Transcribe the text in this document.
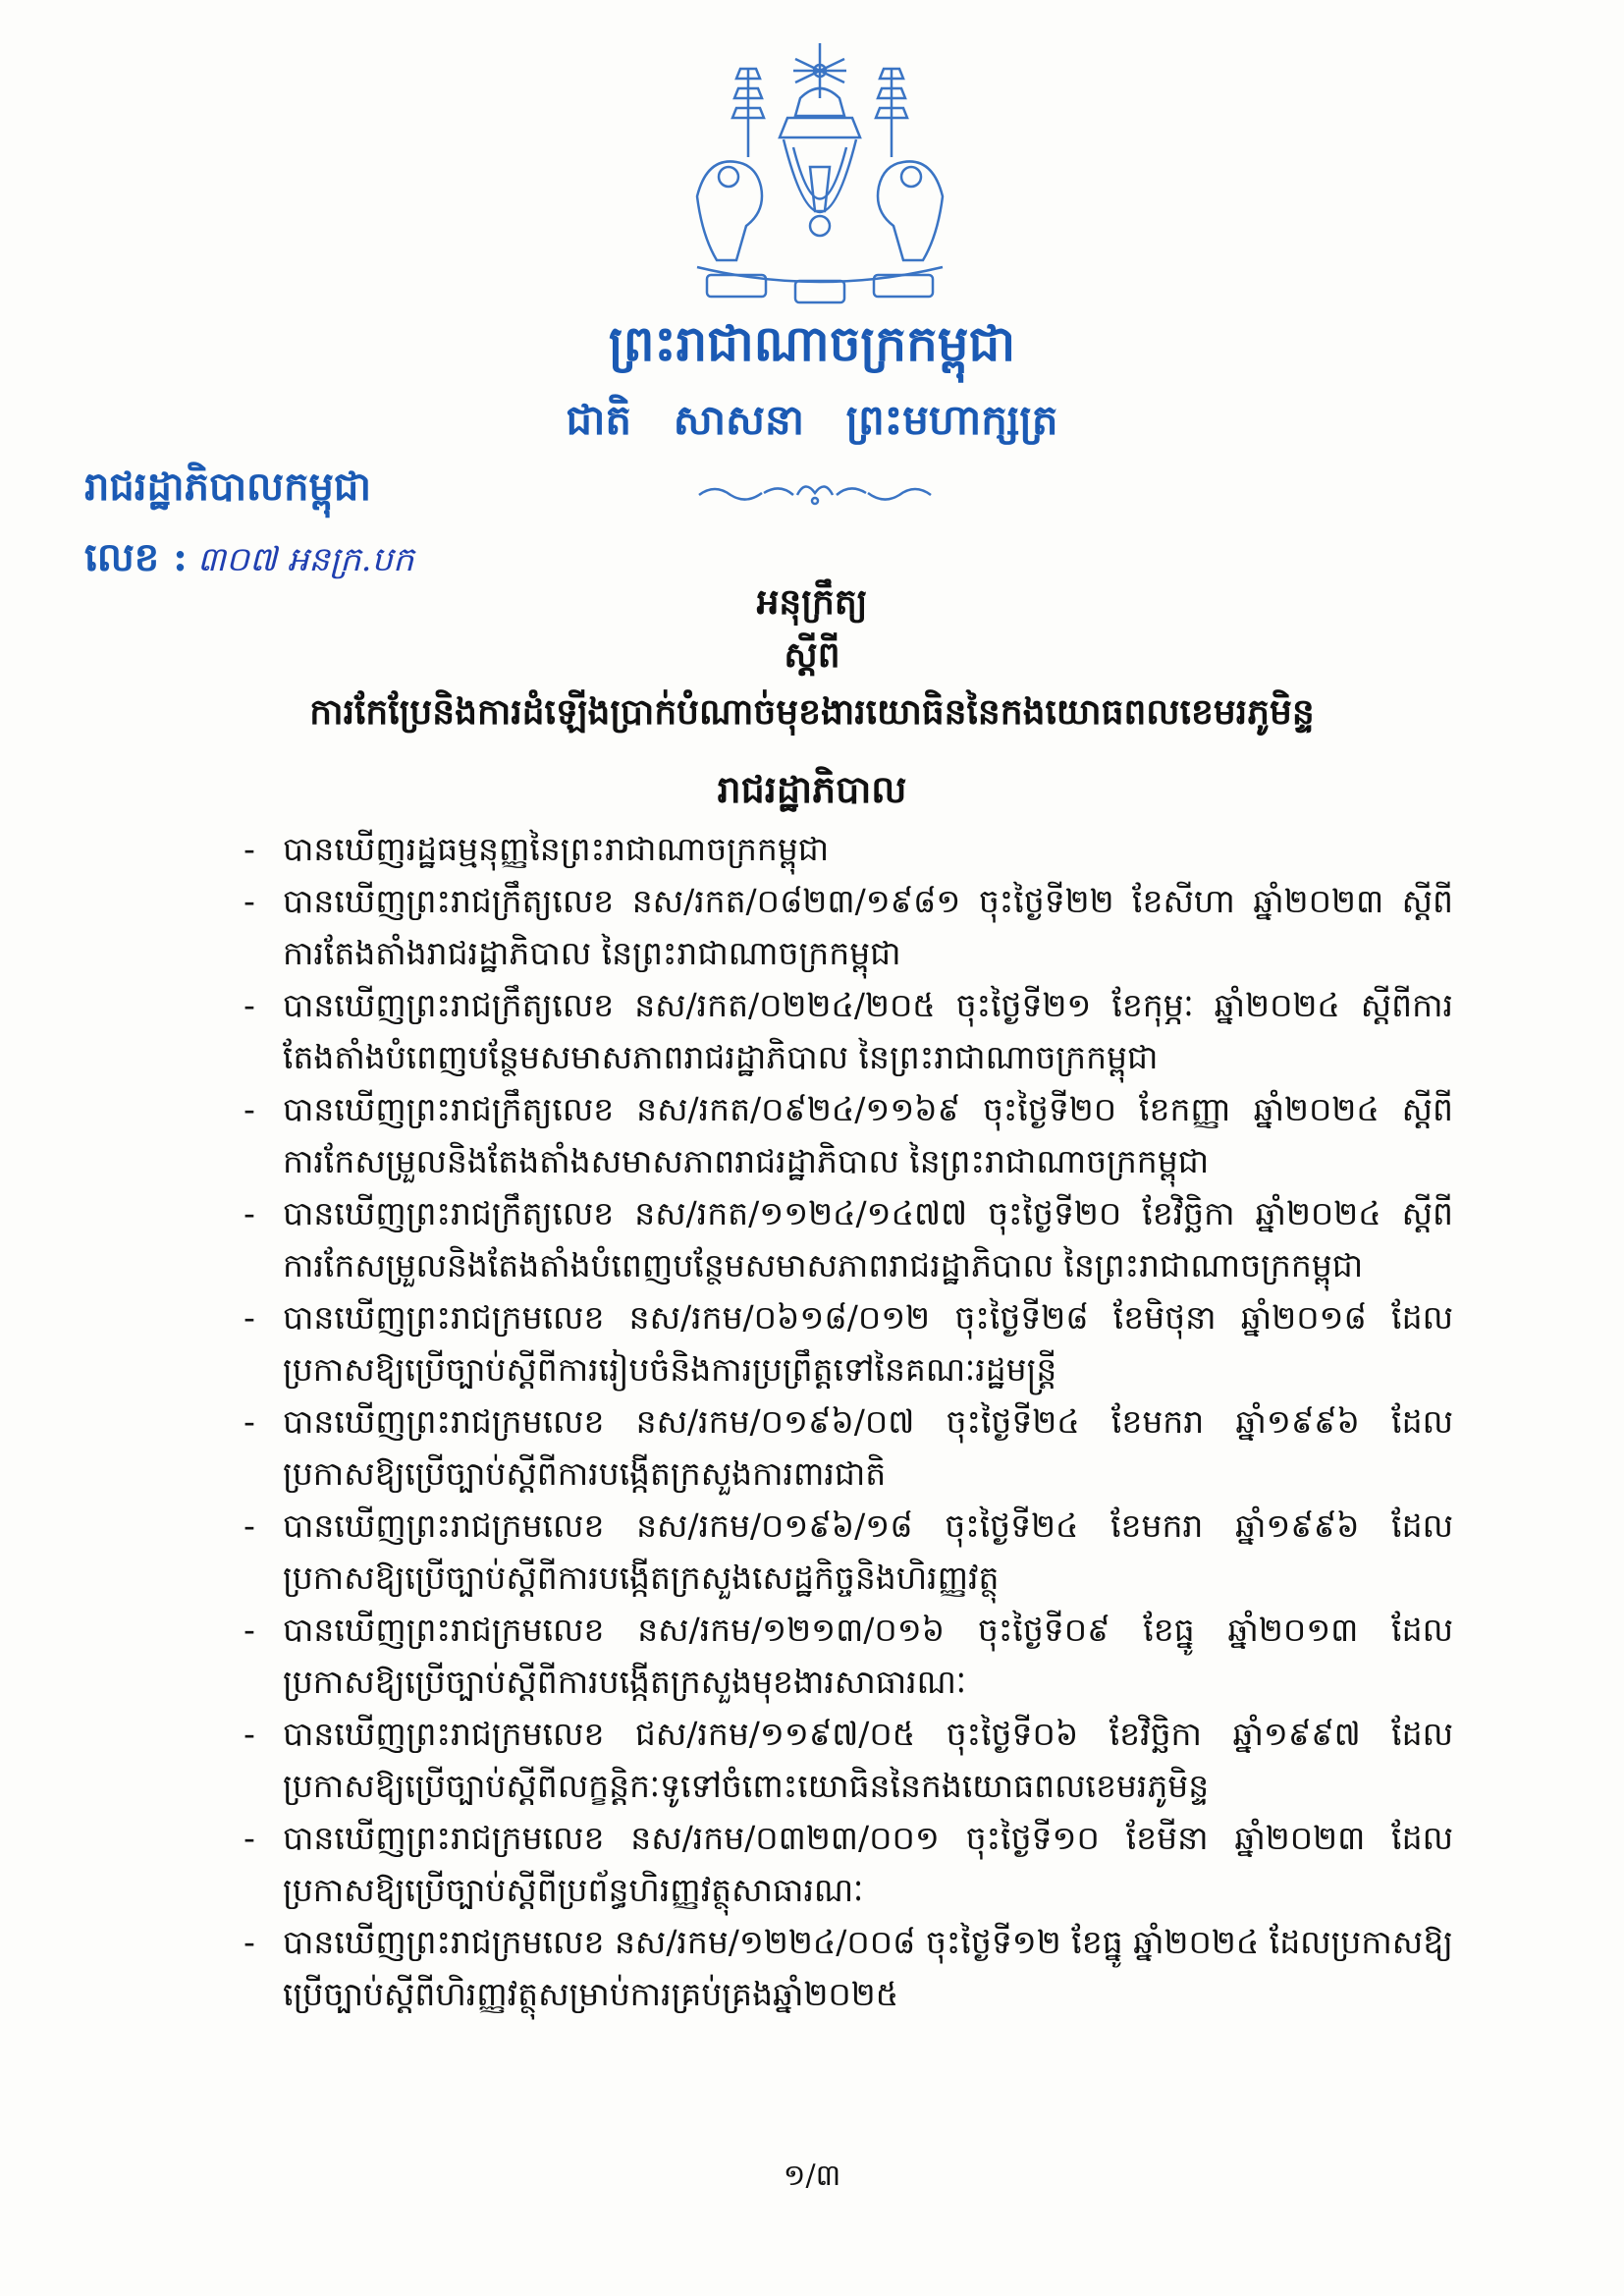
ព្រះរាជាណាចក្រកម្ពុជា
ជាតិ សាសនា ព្រះមហាក្សត្រ
រាជរដ្ឋាភិបាលកម្ពុជា
លេខ : ៣០៧ អនក្រ.បក
អនុក្រឹត្យ
ស្តីពី
ការកែប្រែនិងការដំឡើងប្រាក់បំណាច់មុខងារយោធិននៃកងយោធពលខេមរភូមិន្ទ
រាជរដ្ឋាភិបាល
- បានឃើញរដ្ឋធម្មនុញ្ញនៃព្រះរាជាណាចក្រកម្ពុជា
- បានឃើញព្រះរាជក្រឹត្យលេខ នស/រកត/០៨២៣/១៩៨១ ចុះថ្ងៃទី២២ ខែសីហា ឆ្នាំ២០២៣ ស្តីពីការតែងតាំងរាជរដ្ឋាភិបាល នៃព្រះរាជាណាចក្រកម្ពុជា
- បានឃើញព្រះរាជក្រឹត្យលេខ នស/រកត/០២២៤/២០៥ ចុះថ្ងៃទី២១ ខែកុម្ភៈ ឆ្នាំ២០២៤ ស្តីពីការតែងតាំងបំពេញបន្ថែមសមាសភាពរាជរដ្ឋាភិបាល នៃព្រះរាជាណាចក្រកម្ពុជា
- បានឃើញព្រះរាជក្រឹត្យលេខ នស/រកត/០៩២៤/១១៦៩ ចុះថ្ងៃទី២០ ខែកញ្ញា ឆ្នាំ២០២៤ ស្តីពីការកែសម្រួលនិងតែងតាំងសមាសភាពរាជរដ្ឋាភិបាល នៃព្រះរាជាណាចក្រកម្ពុជា
- បានឃើញព្រះរាជក្រឹត្យលេខ នស/រកត/១១២៤/១៤៧៧ ចុះថ្ងៃទី២០ ខែវិច្ឆិកា ឆ្នាំ២០២៤ ស្តីពីការកែសម្រួលនិងតែងតាំងបំពេញបន្ថែមសមាសភាពរាជរដ្ឋាភិបាល នៃព្រះរាជាណាចក្រកម្ពុជា
- បានឃើញព្រះរាជក្រមលេខ នស/រកម/០៦១៨/០១២ ចុះថ្ងៃទី២៨ ខែមិថុនា ឆ្នាំ២០១៨ ដែលប្រកាសឱ្យប្រើច្បាប់ស្តីពីការរៀបចំនិងការប្រព្រឹត្តទៅនៃគណៈរដ្ឋមន្ត្រី
- បានឃើញព្រះរាជក្រមលេខ នស/រកម/០១៩៦/០៧ ចុះថ្ងៃទី២៤ ខែមករា ឆ្នាំ១៩៩៦ ដែលប្រកាសឱ្យប្រើច្បាប់ស្តីពីការបង្កើតក្រសួងការពារជាតិ
- បានឃើញព្រះរាជក្រមលេខ នស/រកម/០១៩៦/១៨ ចុះថ្ងៃទី២៤ ខែមករា ឆ្នាំ១៩៩៦ ដែលប្រកាសឱ្យប្រើច្បាប់ស្តីពីការបង្កើតក្រសួងសេដ្ឋកិច្ចនិងហិរញ្ញវត្ថុ
- បានឃើញព្រះរាជក្រមលេខ នស/រកម/១២១៣/០១៦ ចុះថ្ងៃទី០៩ ខែធ្នូ ឆ្នាំ២០១៣ ដែលប្រកាសឱ្យប្រើច្បាប់ស្តីពីការបង្កើតក្រសួងមុខងារសាធារណៈ
- បានឃើញព្រះរាជក្រមលេខ ជស/រកម/១១៩៧/០៥ ចុះថ្ងៃទី០៦ ខែវិច្ឆិកា ឆ្នាំ១៩៩៧ ដែលប្រកាសឱ្យប្រើច្បាប់ស្តីពីលក្ខន្តិកៈទូទៅចំពោះយោធិននៃកងយោធពលខេមរភូមិន្ទ
- បានឃើញព្រះរាជក្រមលេខ នស/រកម/០៣២៣/០០១ ចុះថ្ងៃទី១០ ខែមីនា ឆ្នាំ២០២៣ ដែលប្រកាសឱ្យប្រើច្បាប់ស្តីពីប្រព័ន្ធហិរញ្ញវត្ថុសាធារណៈ
- បានឃើញព្រះរាជក្រមលេខ នស/រកម/១២២៤/០០៨ ចុះថ្ងៃទី១២ ខែធ្នូ ឆ្នាំ២០២៤ ដែលប្រកាសឱ្យប្រើច្បាប់ស្តីពីហិរញ្ញវត្ថុសម្រាប់ការគ្រប់គ្រងឆ្នាំ២០២៥
១/៣
